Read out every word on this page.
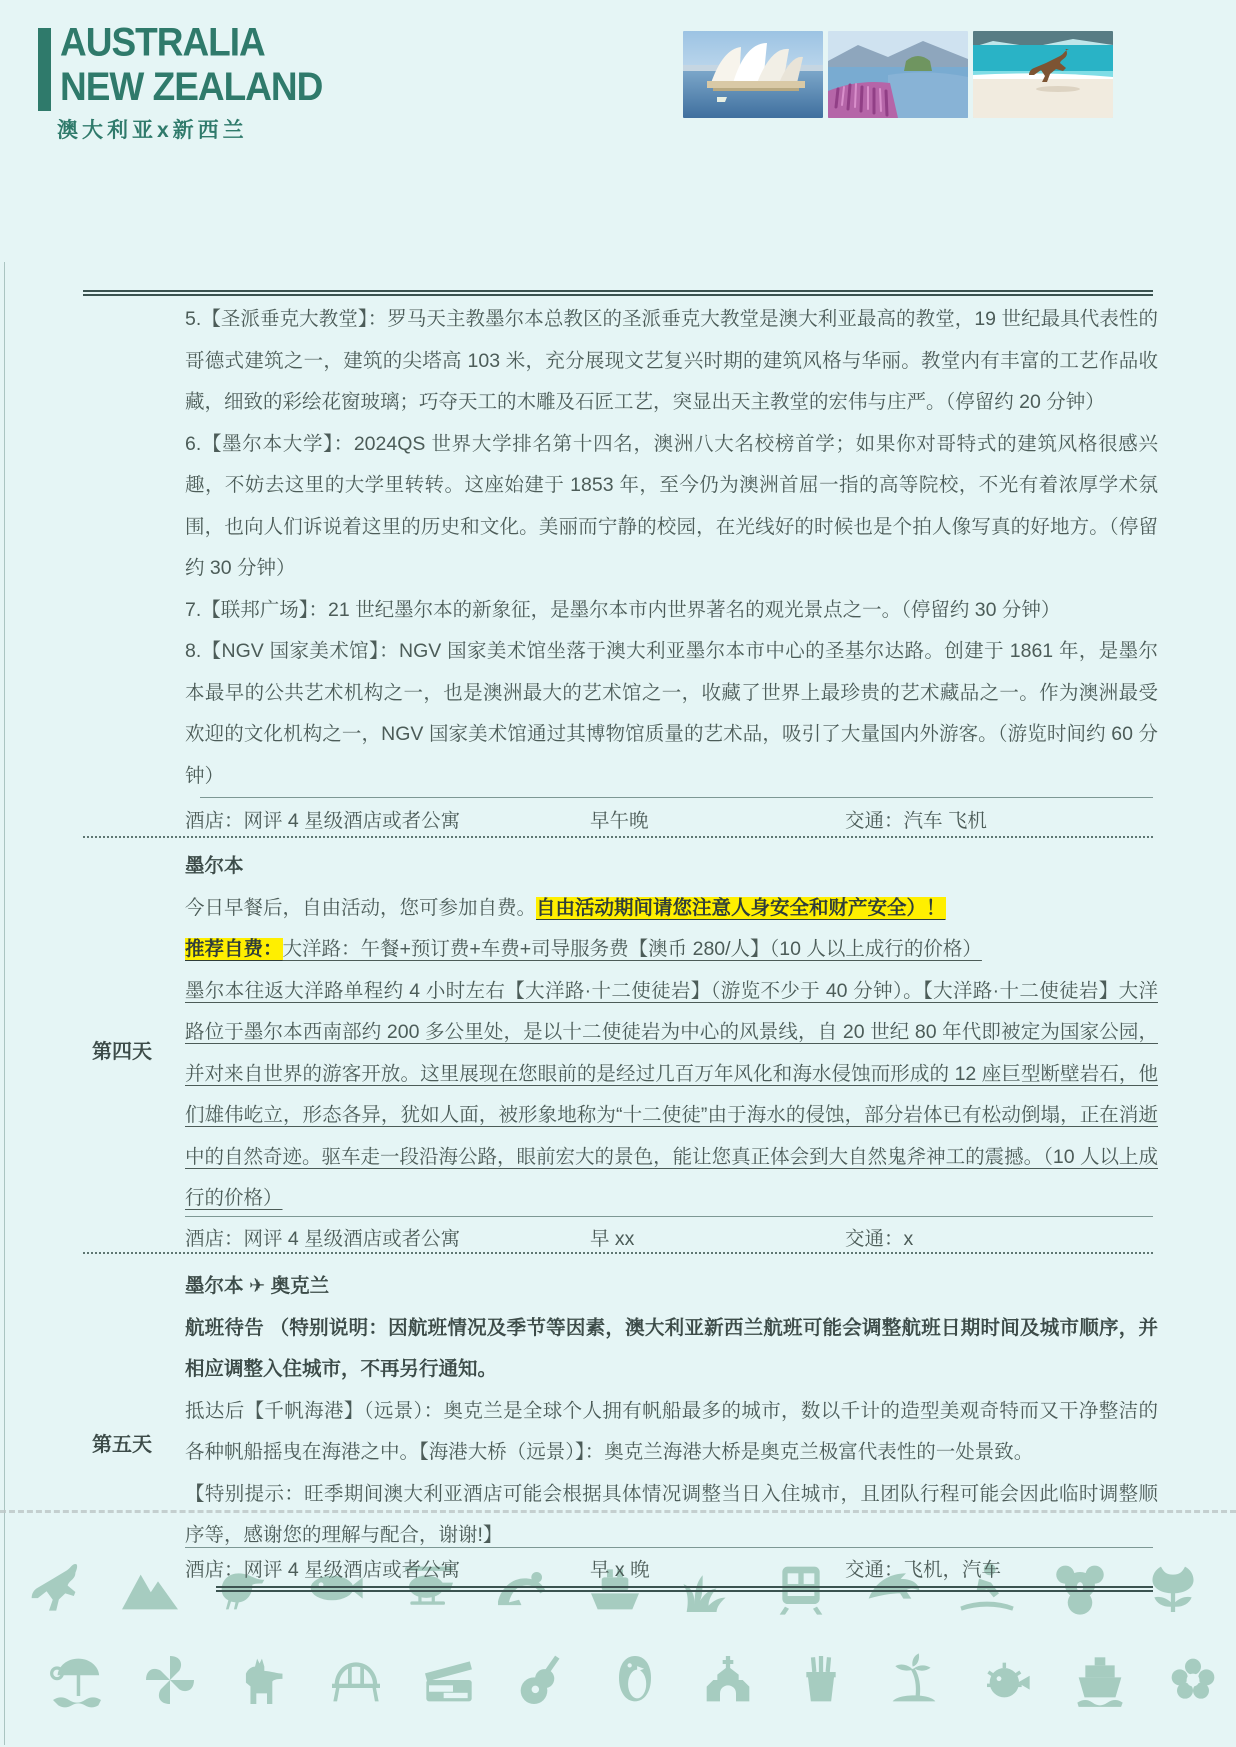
AUSTRALIA
NEW ZEALAND
澳大利亚x新西兰

5.【圣派垂克大教堂】：罗马天主教墨尔本总教区的圣派垂克大教堂是澳大利亚最高的教堂，19 世纪最具代表性的哥德式建筑之一，建筑的尖塔高 103 米，充分展现文艺复兴时期的建筑风格与华丽。教堂内有丰富的工艺作品收藏，细致的彩绘花窗玻璃；巧夺天工的木雕及石匠工艺，突显出天主教堂的宏伟与庄严。（停留约 20 分钟）

6.【墨尔本大学】：2024QS 世界大学排名第十四名，澳洲八大名校榜首学；如果你对哥特式的建筑风格很感兴趣，不妨去这里的大学里转转。这座始建于 1853 年，至今仍为澳洲首屈一指的高等院校，不光有着浓厚学术氛围，也向人们诉说着这里的历史和文化。美丽而宁静的校园，在光线好的时候也是个拍人像写真的好地方。（停留约 30 分钟）

7.【联邦广场】：21 世纪墨尔本的新象征，是墨尔本市内世界著名的观光景点之一。（停留约 30 分钟）

8.【NGV 国家美术馆】：NGV 国家美术馆坐落于澳大利亚墨尔本市中心的圣基尔达路。创建于 1861 年，是墨尔本最早的公共艺术机构之一，也是澳洲最大的艺术馆之一，收藏了世界上最珍贵的艺术藏品之一。作为澳洲最受欢迎的文化机构之一，NGV 国家美术馆通过其博物馆质量的艺术品，吸引了大量国内外游客。（游览时间约 60 分钟）

酒店：网评 4 星级酒店或者公寓	早午晚	交通：汽车 飞机
第四天

墨尔本

今日早餐后，自由活动，您可参加自费。自由活动期间请您注意人身安全和财产安全）！

推荐自费：大洋路：午餐+预订费+车费+司导服务费【澳币 280/人】（10 人以上成行的价格）

墨尔本往返大洋路单程约 4 小时左右【大洋路·十二使徒岩】（游览不少于 40 分钟）。【大洋路·十二使徒岩】大洋路位于墨尔本西南部约 200 多公里处，是以十二使徒岩为中心的风景线，自 20 世纪 80 年代即被定为国家公园，并对来自世界的游客开放。这里展现在您眼前的是经过几百万年风化和海水侵蚀而形成的 12 座巨型断壁岩石，他们雄伟屹立，形态各异，犹如人面，被形象地称为“十二使徒”由于海水的侵蚀，部分岩体已有松动倒塌，正在消逝中的自然奇迹。驱车走一段沿海公路，眼前宏大的景色，能让您真正体会到大自然鬼斧神工的震撼。（10 人以上成行的价格）

酒店：网评 4 星级酒店或者公寓	早 xx	交通：x
第五天

墨尔本 ✈ 奥克兰

航班待告 （特别说明：因航班情况及季节等因素，澳大利亚新西兰航班可能会调整航班日期时间及城市顺序，并相应调整入住城市，不再另行通知。

抵达后【千帆海港】（远景）：奥克兰是全球个人拥有帆船最多的城市，数以千计的造型美观奇特而又干净整洁的各种帆船摇曳在海港之中。【海港大桥（远景）】：奥克兰海港大桥是奥克兰极富代表性的一处景致。

【特别提示：旺季期间澳大利亚酒店可能会根据具体情况调整当日入住城市，且团队行程可能会因此临时调整顺序等，感谢您的理解与配合，谢谢!】

酒店：网评 4 星级酒店或者公寓	早 x 晚	交通：飞机，汽车
